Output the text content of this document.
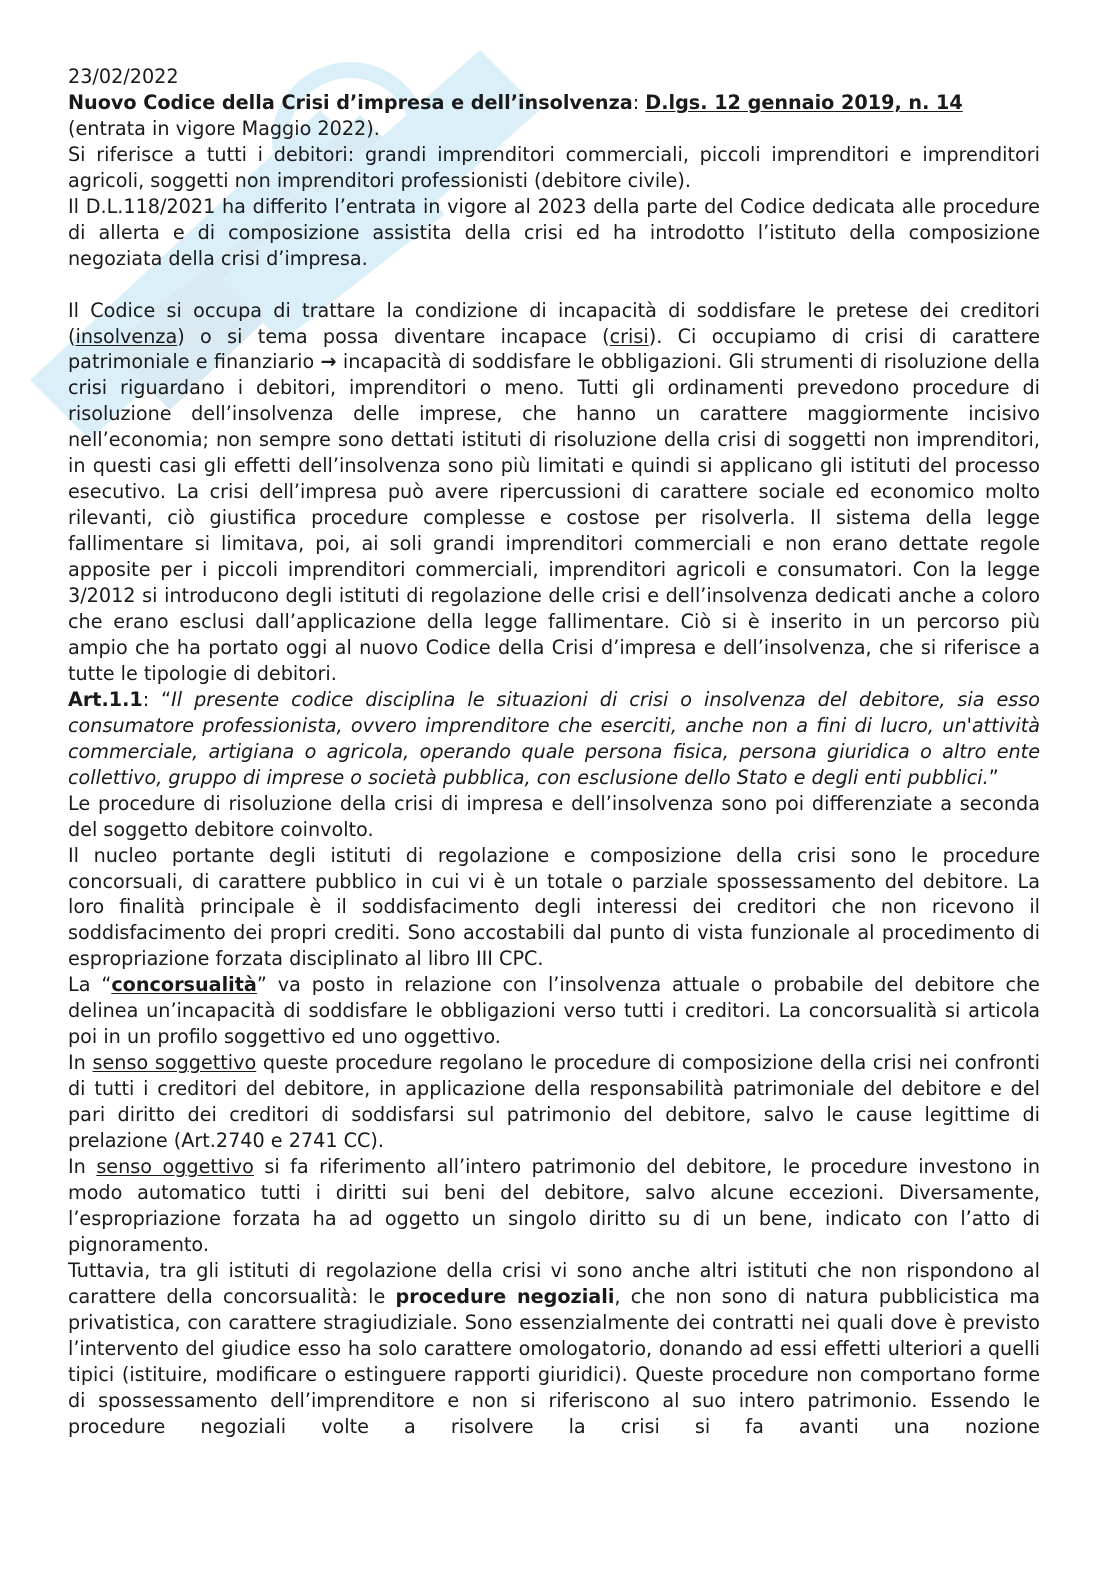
23/02/2022

Nuovo Codice della Crisi d’impresa e dell’insolvenza: D.lgs. 12 gennaio 2019, n. 14

(entrata in vigore Maggio 2022).

Si riferisce a tutti i debitori: grandi imprenditori commerciali, piccoli imprenditori e imprenditori agricoli, soggetti non imprenditori professionisti (debitore civile).

Il D.L.118/2021 ha differito l’entrata in vigore al 2023 della parte del Codice dedicata alle procedure di allerta e di composizione assistita della crisi ed ha introdotto l’istituto della composizione negoziata della crisi d’impresa.

Il Codice si occupa di trattare la condizione di incapacità di soddisfare le pretese dei creditori (insolvenza) o si tema possa diventare incapace (crisi). Ci occupiamo di crisi di carattere patrimoniale e finanziario → incapacità di soddisfare le obbligazioni. Gli strumenti di risoluzione della crisi riguardano i debitori, imprenditori o meno. Tutti gli ordinamenti prevedono procedure di risoluzione dell’insolvenza delle imprese, che hanno un carattere maggiormente incisivo nell’economia; non sempre sono dettati istituti di risoluzione della crisi di soggetti non imprenditori, in questi casi gli effetti dell’insolvenza sono più limitati e quindi si applicano gli istituti del processo esecutivo. La crisi dell’impresa può avere ripercussioni di carattere sociale ed economico molto rilevanti, ciò giustifica procedure complesse e costose per risolverla. Il sistema della legge fallimentare si limitava, poi, ai soli grandi imprenditori commerciali e non erano dettate regole apposite per i piccoli imprenditori commerciali, imprenditori agricoli e consumatori. Con la legge 3/2012 si introducono degli istituti di regolazione delle crisi e dell’insolvenza dedicati anche a coloro che erano esclusi dall’applicazione della legge fallimentare. Ciò si è inserito in un percorso più ampio che ha portato oggi al nuovo Codice della Crisi d’impresa e dell’insolvenza, che si riferisce a tutte le tipologie di debitori.

Art.1.1: “Il presente codice disciplina le situazioni di crisi o insolvenza del debitore, sia esso consumatore professionista, ovvero imprenditore che eserciti, anche non a fini di lucro, un'attività commerciale, artigiana o agricola, operando quale persona fisica, persona giuridica o altro ente collettivo, gruppo di imprese o società pubblica, con esclusione dello Stato e degli enti pubblici.”

Le procedure di risoluzione della crisi di impresa e dell’insolvenza sono poi differenziate a seconda del soggetto debitore coinvolto.

Il nucleo portante degli istituti di regolazione e composizione della crisi sono le procedure concorsuali, di carattere pubblico in cui vi è un totale o parziale spossessamento del debitore. La loro finalità principale è il soddisfacimento degli interessi dei creditori che non ricevono il soddisfacimento dei propri crediti. Sono accostabili dal punto di vista funzionale al procedimento di espropriazione forzata disciplinato al libro III CPC.

La “concorsualità” va posto in relazione con l’insolvenza attuale o probabile del debitore che delinea un’incapacità di soddisfare le obbligazioni verso tutti i creditori. La concorsualità si articola poi in un profilo soggettivo ed uno oggettivo.

In senso soggettivo queste procedure regolano le procedure di composizione della crisi nei confronti di tutti i creditori del debitore, in applicazione della responsabilità patrimoniale del debitore e del pari diritto dei creditori di soddisfarsi sul patrimonio del debitore, salvo le cause legittime di prelazione (Art.2740 e 2741 CC).

In senso oggettivo si fa riferimento all’intero patrimonio del debitore, le procedure investono in modo automatico tutti i diritti sui beni del debitore, salvo alcune eccezioni. Diversamente, l’espropriazione forzata ha ad oggetto un singolo diritto su di un bene, indicato con l’atto di pignoramento.

Tuttavia, tra gli istituti di regolazione della crisi vi sono anche altri istituti che non rispondono al carattere della concorsualità: le procedure negoziali, che non sono di natura pubblicistica ma privatistica, con carattere stragiudiziale. Sono essenzialmente dei contratti nei quali dove è previsto l’intervento del giudice esso ha solo carattere omologatorio, donando ad essi effetti ulteriori a quelli tipici (istituire, modificare o estinguere rapporti giuridici). Queste procedure non comportano forme di spossessamento dell’imprenditore e non si riferiscono al suo intero patrimonio. Essendo le procedure negoziali volte a risolvere la crisi si fa avanti una nozione
